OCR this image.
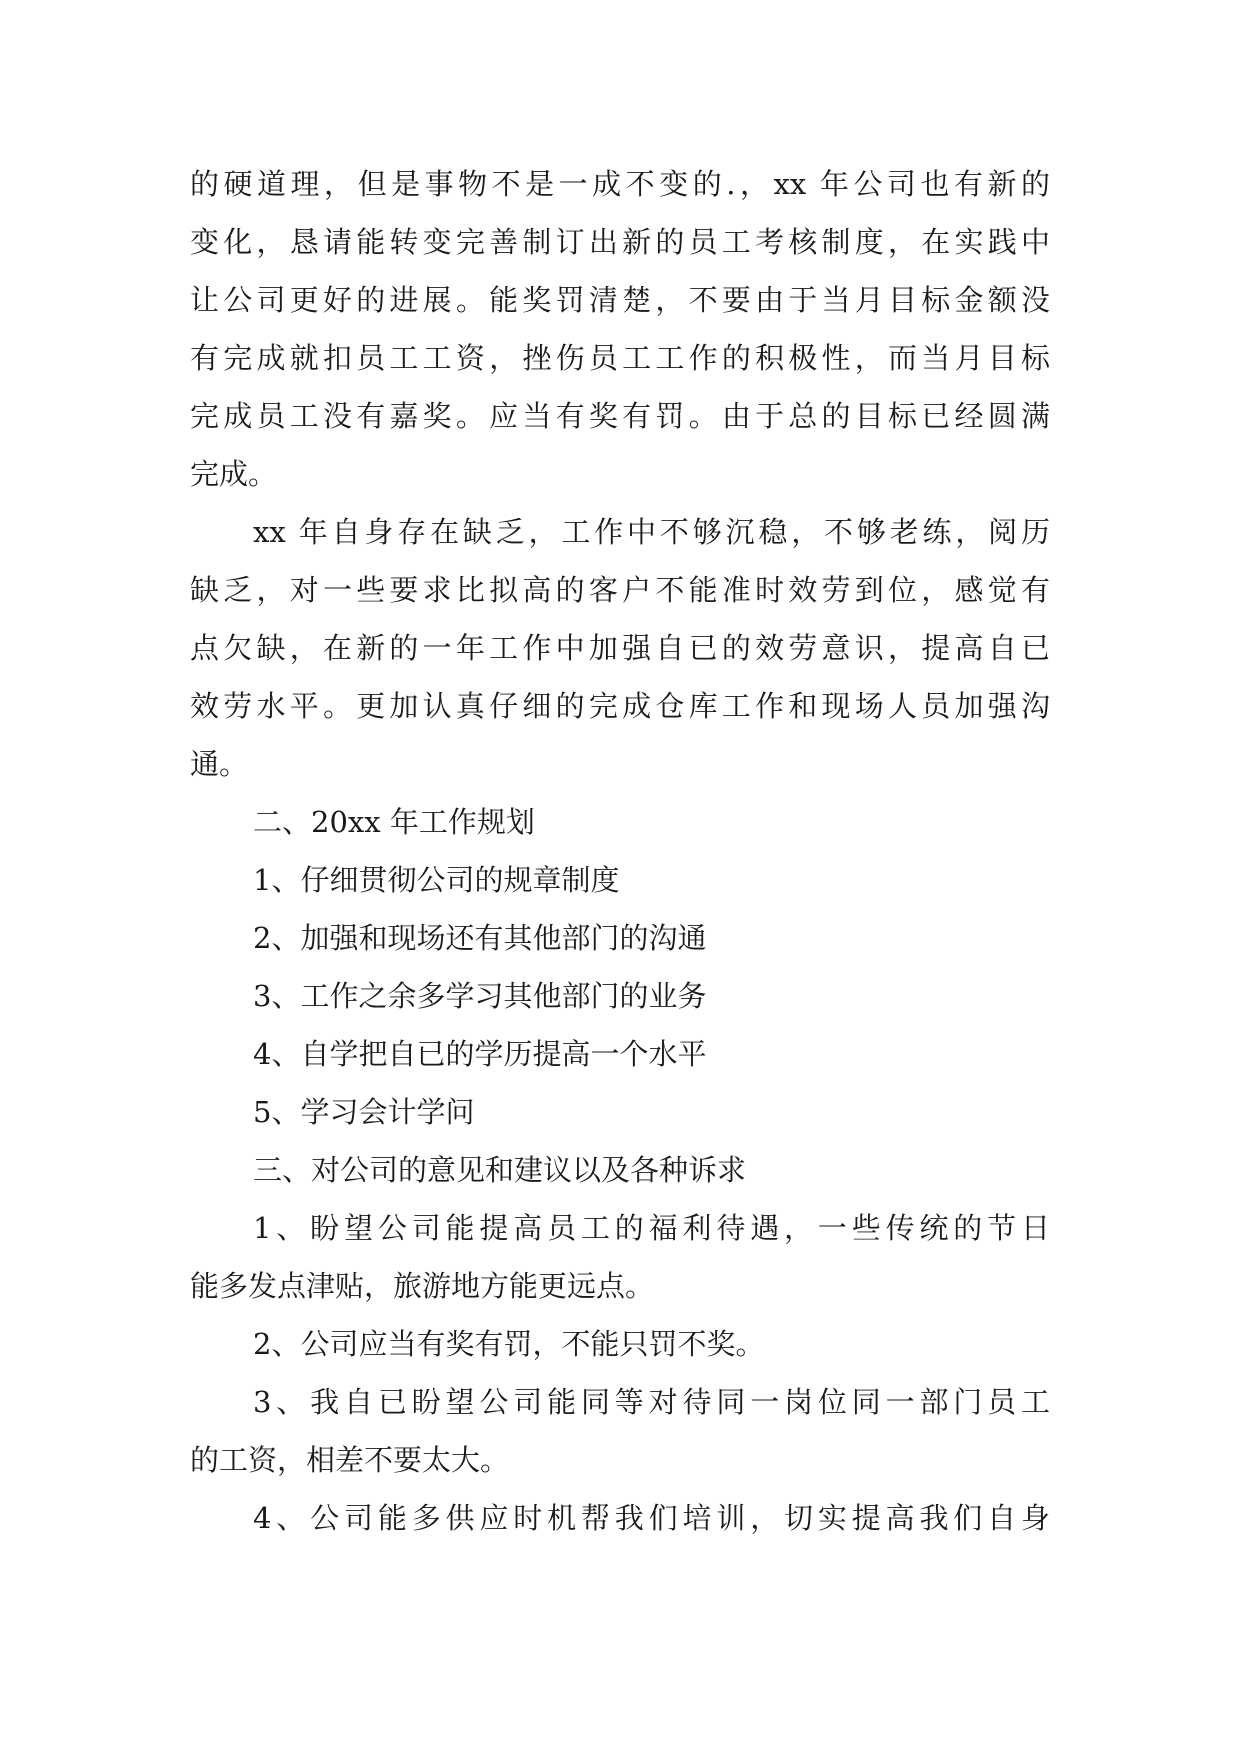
的硬道理，但是事物不是一成不变的.，xx 年公司也有新的
变化，恳请能转变完善制订出新的员工考核制度，在实践中
让公司更好的进展。能奖罚清楚，不要由于当月目标金额没
有完成就扣员工工资，挫伤员工工作的积极性，而当月目标
完成员工没有嘉奖。应当有奖有罚。由于总的目标已经圆满
完成。
xx 年自身存在缺乏，工作中不够沉稳，不够老练，阅历
缺乏，对一些要求比拟高的客户不能准时效劳到位，感觉有
点欠缺，在新的一年工作中加强自已的效劳意识，提高自已
效劳水平。更加认真仔细的完成仓库工作和现场人员加强沟
通。
二、20xx 年工作规划
1、仔细贯彻公司的规章制度
2、加强和现场还有其他部门的沟通
3、工作之余多学习其他部门的业务
4、自学把自已的学历提高一个水平
5、学习会计学问
三、对公司的意见和建议以及各种诉求
1、盼望公司能提高员工的福利待遇，一些传统的节日
能多发点津贴，旅游地方能更远点。
2、公司应当有奖有罚，不能只罚不奖。
3、我自已盼望公司能同等对待同一岗位同一部门员工
的工资，相差不要太大。
4、公司能多供应时机帮我们培训，切实提高我们自身
